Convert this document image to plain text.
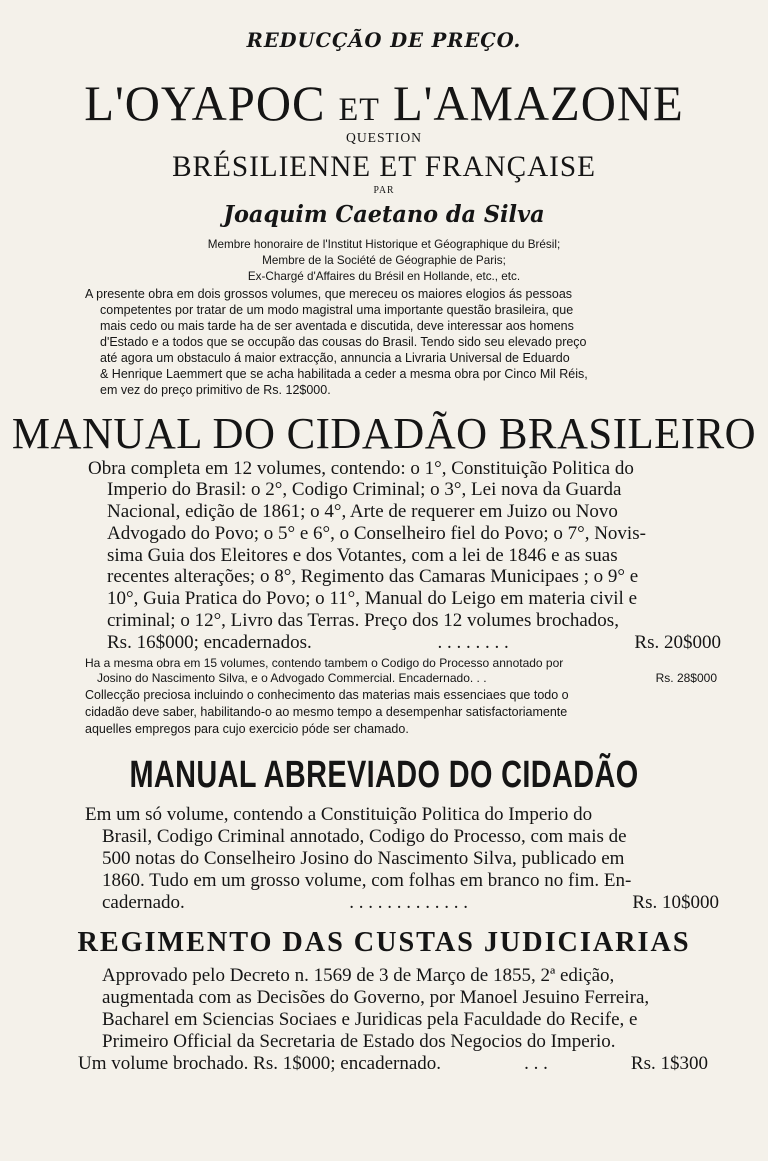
REDUCÇÃO DE PREÇO.
L'OYAPOC ET L'AMAZONE
QUESTION
BRÉSILIENNE ET FRANÇAISE
PAR
Joaquim Caetano da Silva
Membre honoraire de l'Institut Historique et Géographique du Brésil;
Membre de la Société de Géographie de Paris;
Ex-Chargé d'Affaires du Brésil en Hollande, etc., etc.
A presente obra em dois grossos volumes, que mereceu os maiores elogios ás pessoas
competentes por tratar de um modo magistral uma importante questão brasileira, que
mais cedo ou mais tarde ha de ser aventada e discutida, deve interessar aos homens
d'Estado e a todos que se occupão das cousas do Brasil. Tendo sido seu elevado preço
até agora um obstaculo á maior extracção, annuncia a Livraria Universal de Eduardo
& Henrique Laemmert que se acha habilitada a ceder a mesma obra por Cinco Mil Réis,
em vez do preço primitivo de Rs. 12$000.
MANUAL DO CIDADÃO BRASILEIRO
Obra completa em 12 volumes, contendo: o 1°, Constituição Politica do
Imperio do Brasil: o 2°, Codigo Criminal; o 3°, Lei nova da Guarda
Nacional, edição de 1861; o 4°, Arte de requerer em Juizo ou Novo
Advogado do Povo; o 5° e 6°, o Conselheiro fiel do Povo; o 7°, Novis-
sima Guia dos Eleitores e dos Votantes, com a lei de 1846 e as suas
recentes alterações; o 8°, Regimento das Camaras Municipaes ; o 9° e
10°, Guia Pratica do Povo; o 11°, Manual do Leigo em materia civil e
criminal; o 12°, Livro das Terras. Preço dos 12 volumes brochados,
Rs. 16$000; encadernados.	. . . . . . . .	Rs. 20$000
Ha a mesma obra em 15 volumes, contendo tambem o Codigo do Processo annotado por
Josino do Nascimento Silva, e o Advogado Commercial. Encadernado. . .	Rs. 28$000
Collecção preciosa incluindo o conhecimento das materias mais essenciaes que todo o
cidadão deve saber, habilitando-o ao mesmo tempo a desempenhar satisfactoriamente
aquelles empregos para cujo exercicio póde ser chamado.
MANUAL ABREVIADO DO CIDADÃO
Em um só volume, contendo a Constituição Politica do Imperio do
Brasil, Codigo Criminal annotado, Codigo do Processo, com mais de
500 notas do Conselheiro Josino do Nascimento Silva, publicado em
1860. Tudo em um grosso volume, com folhas em branco no fim. En-
cadernado.	. . . . . . . . . . . . .	Rs. 10$000
REGIMENTO DAS CUSTAS JUDICIARIAS
Approvado pelo Decreto n. 1569 de 3 de Março de 1855, 2ª edição,
augmentada com as Decisões do Governo, por Manoel Jesuino Ferreira,
Bacharel em Sciencias Sociaes e Juridicas pela Faculdade do Recife, e
Primeiro Official da Secretaria de Estado dos Negocios do Imperio.
Um volume brochado. Rs. 1$000; encadernado.	. . .	Rs. 1$300
